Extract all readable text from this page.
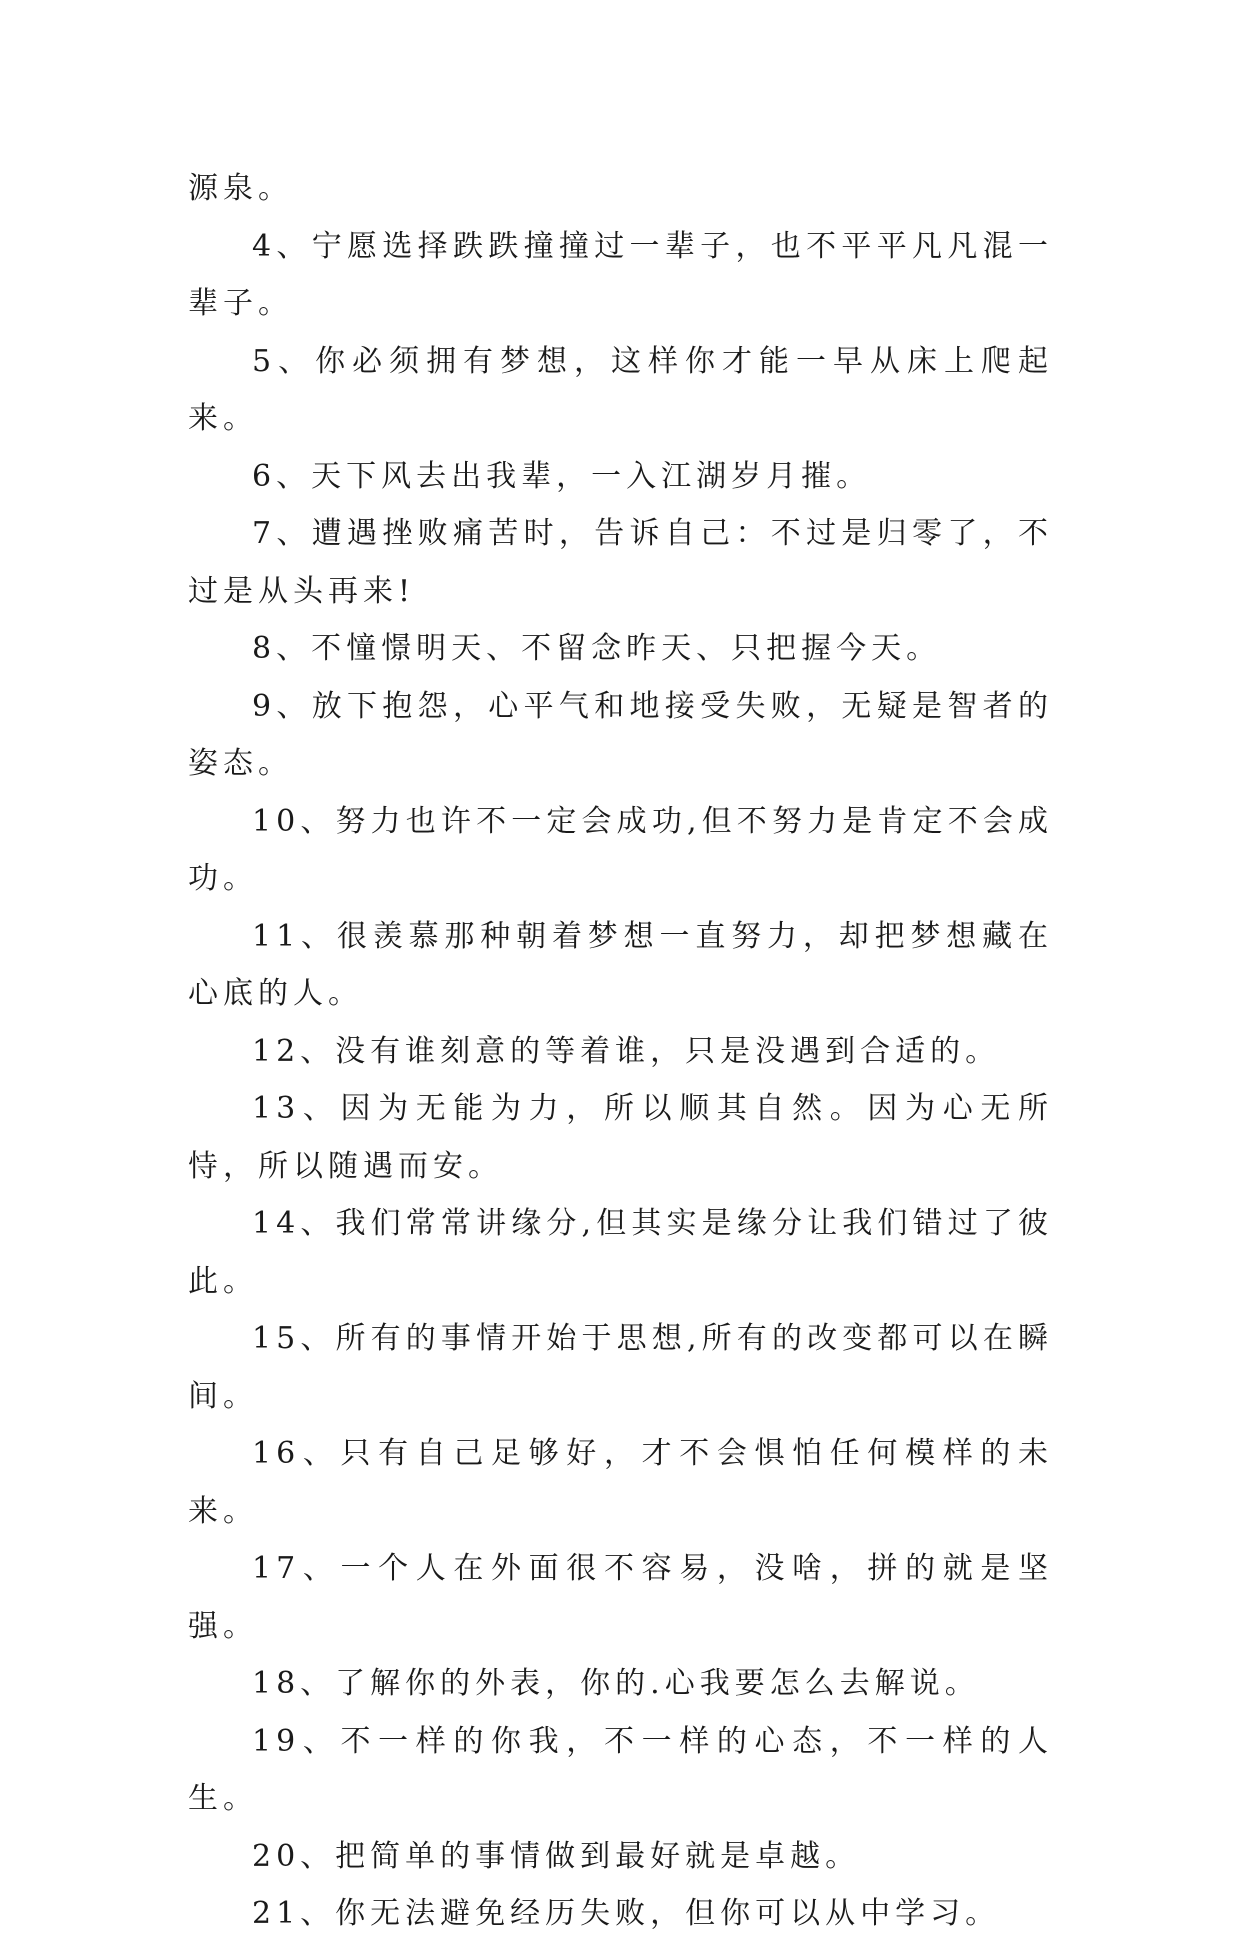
源泉。

4、宁愿选择跌跌撞撞过一辈子，也不平平凡凡混一辈子。

5、你必须拥有梦想，这样你才能一早从床上爬起来。

6、天下风去出我辈，一入江湖岁月摧。

7、遭遇挫败痛苦时，告诉自己：不过是归零了，不过是从头再来!

8、不憧憬明天、不留念昨天、只把握今天。

9、放下抱怨，心平气和地接受失败，无疑是智者的姿态。

10、努力也许不一定会成功,但不努力是肯定不会成功。

11、很羡慕那种朝着梦想一直努力，却把梦想藏在心底的人。

12、没有谁刻意的等着谁，只是没遇到合适的。

13、因为无能为力，所以顺其自然。因为心无所恃，所以随遇而安。

14、我们常常讲缘分,但其实是缘分让我们错过了彼此。

15、所有的事情开始于思想,所有的改变都可以在瞬间。

16、只有自己足够好，才不会惧怕任何模样的未来。

17、一个人在外面很不容易，没啥，拼的就是坚强。

18、了解你的外表，你的.心我要怎么去解说。

19、不一样的你我，不一样的心态，不一样的人生。

20、把简单的事情做到最好就是卓越。

21、你无法避免经历失败，但你可以从中学习。
